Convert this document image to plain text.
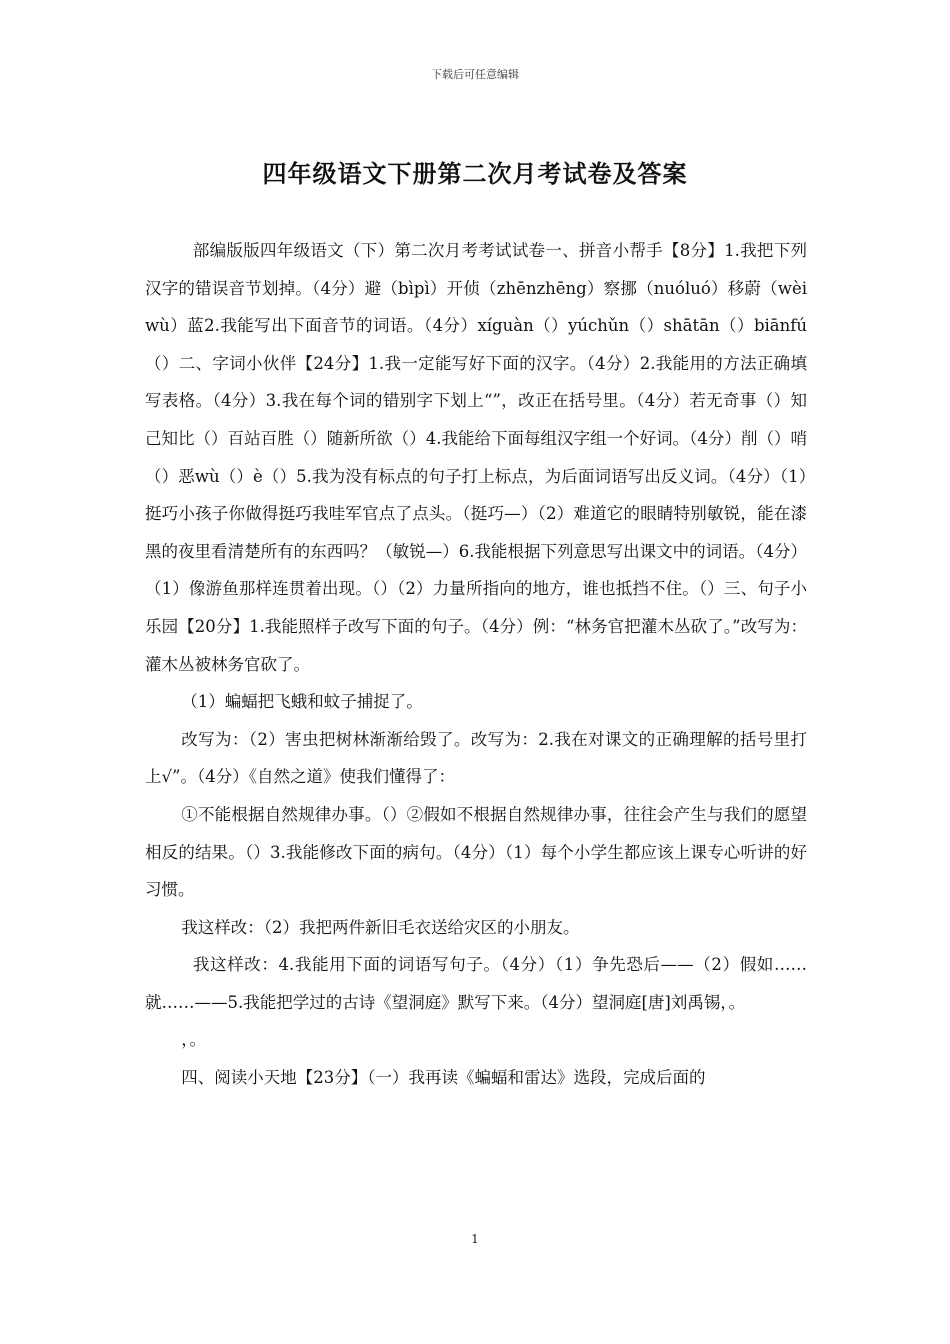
下载后可任意编辑
四年级语文下册第二次月考试卷及答案

部编版版四年级语文（下）第二次月考考试试卷一、拼音小帮手【8分】1.我把下列汉字的错误音节划掉。（4分）避（bìpì）开侦（zhēnzhēng）察挪（nuóluó）移蔚（wèiwù）蓝2.我能写出下面音节的词语。（4分）xíguàn（）yúchǔn（）shātān（）biānfú（）二、字词小伙伴【24分】1.我一定能写好下面的汉字。（4分）2.我能用的方法正确填写表格。（4分）3.我在每个词的错别字下划上“”，改正在括号里。（4分）若无奇事（）知己知比（）百站百胜（）随新所欲（）4.我能给下面每组汉字组一个好词。（4分）削（）哨（）恶wù（）è（）5.我为没有标点的句子打上标点，为后面词语写出反义词。（4分）（1）挺巧小孩子你做得挺巧我哇军官点了点头。（挺巧—）（2）难道它的眼睛特别敏锐，能在漆黑的夜里看清楚所有的东西吗？（敏锐—）6.我能根据下列意思写出课文中的词语。（4分）（1）像游鱼那样连贯着出现。（）（2）力量所指向的地方，谁也抵挡不住。（）三、句子小乐园【20分】1.我能照样子改写下面的句子。（4分）例：“林务官把灌木丛砍了。”改写为：灌木丛被林务官砍了。

（1）蝙蝠把飞蛾和蚊子捕捉了。

改写为：（2）害虫把树林渐渐给毁了。改写为：2.我在对课文的正确理解的括号里打上√”。（4分）《自然之道》使我们懂得了：

①不能根据自然规律办事。（）②假如不根据自然规律办事，往往会产生与我们的愿望相反的结果。（）3.我能修改下面的病句。（4分）（1）每个小学生都应该上课专心听讲的好习惯。

我这样改：（2）我把两件新旧毛衣送给灾区的小朋友。

我这样改：4.我能用下面的词语写句子。（4分）（1）争先恐后——（2）假如……就……——5.我能把学过的古诗《望洞庭》默写下来。（4分）望洞庭[唐]刘禹锡，。

，。

四、阅读小天地【23分】（一）我再读《蝙蝠和雷达》选段，完成后面的

1
